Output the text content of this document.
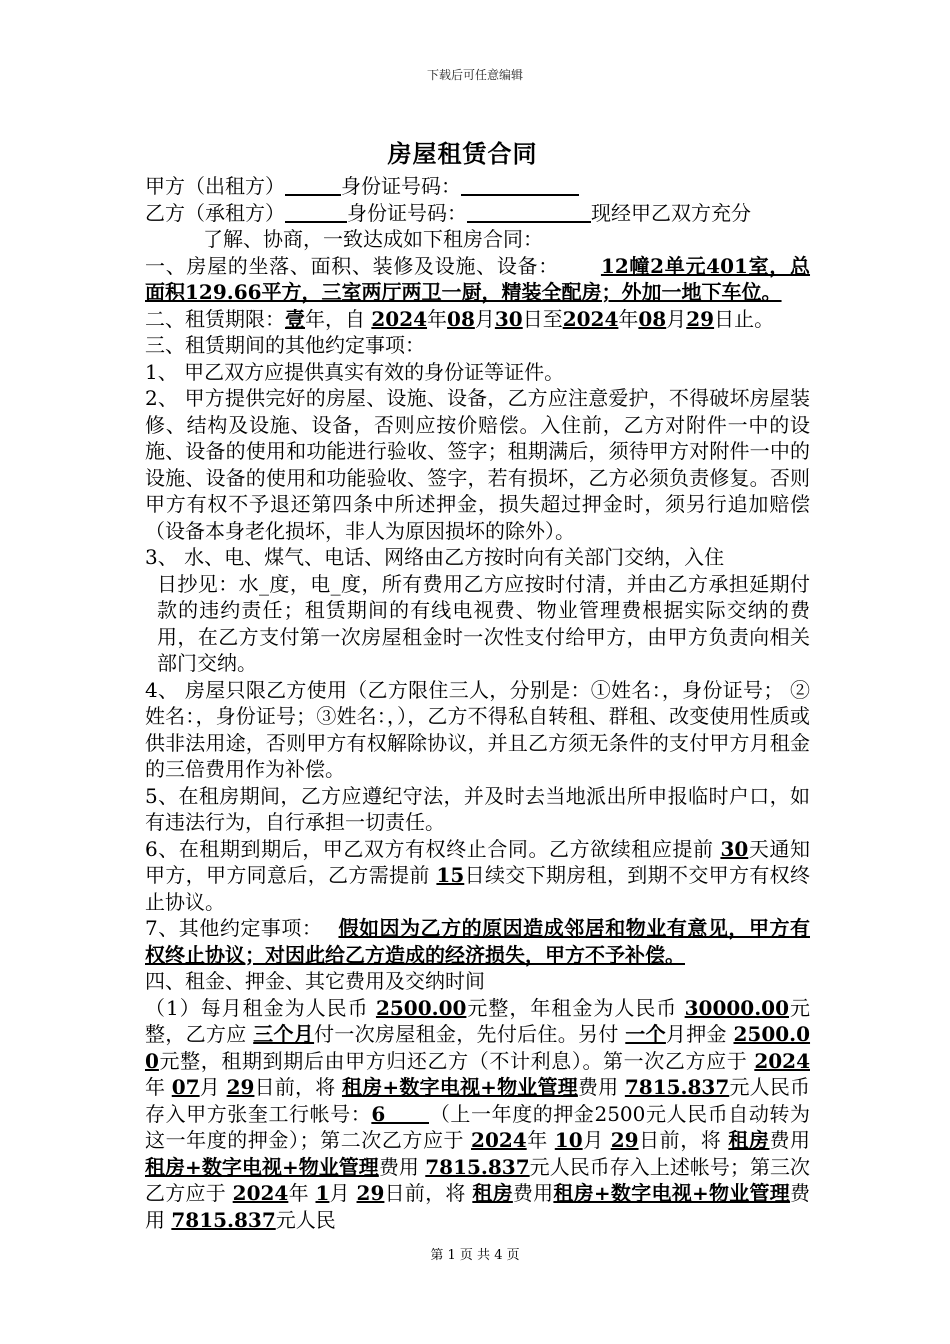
下载后可任意编辑
房屋租赁合同

甲方（出租方）	身份证号码：

乙方（承租方）	身份证号码：	现经甲乙双方充分

了解、协商，一致达成如下租房合同：

一、房屋的坐落、面积、装修及设施、设备： 12幢2单元401室，总面积129.66平方，三室两厅两卫一厨，精装全配房；外加一地下车位。

二、租赁期限：壹年，自 2024年08月30日至2024年08月29日止。

三、租赁期间的其他约定事项：

1、 甲乙双方应提供真实有效的身份证等证件。

2、 甲方提供完好的房屋、设施、设备，乙方应注意爱护，不得破坏房屋装修、结构及设施、设备，否则应按价赔偿。入住前，乙方对附件一中的设施、设备的使用和功能进行验收、签字；租期满后，须待甲方对附件一中的设施、设备的使用和功能验收、签字，若有损坏，乙方必须负责修复。否则甲方有权不予退还第四条中所述押金，损失超过押金时，须另行追加赔偿（设备本身老化损坏，非人为原因损坏的除外）。

3、 水、电、煤气、电话、网络由乙方按时向有关部门交纳，入住

日抄见：水_度，电_度，所有费用乙方应按时付清，并由乙方承担延期付款的违约责任；租赁期间的有线电视费、物业管理费根据实际交纳的费用，在乙方支付第一次房屋租金时一次性支付给甲方，由甲方负责向相关部门交纳。

4、 房屋只限乙方使用（乙方限住三人，分别是：①姓名：，身份证号； ②姓名：，身份证号；③姓名：，），乙方不得私自转租、群租、改变使用性质或供非法用途，否则甲方有权解除协议，并且乙方须无条件的支付甲方月租金的三倍费用作为补偿。

5、在租房期间，乙方应遵纪守法，并及时去当地派出所申报临时户口，如有违法行为，自行承担一切责任。

6、在租期到期后，甲乙双方有权终止合同。乙方欲续租应提前 30天通知甲方，甲方同意后，乙方需提前 15日续交下期房租，到期不交甲方有权终止协议。

7、其他约定事项： 假如因为乙方的原因造成邻居和物业有意见，甲方有权终止协议；对因此给乙方造成的经济损失，甲方不予补偿。

四、租金、押金、其它费用及交纳时间

（1）每月租金为人民币 2500.00元整，年租金为人民币 30000.00元整，乙方应 三个月付一次房屋租金，先付后住。另付 一个月押金 2500.00元整，租期到期后由甲方归还乙方（不计利息）。第一次乙方应于 2024年 07月 29日前，将 租房+数字电视+物业管理费用 7815.837元人民币存入甲方张奎工行帐号：6 （上一年度的押金2500元人民币自动转为这一年度的押金）；第二次乙方应于 2024年 10月 29日前，将 租房费用租房+数字电视+物业管理费用 7815.837元人民币存入上述帐号；第三次乙方应于 2024年 1月 29日前，将 租房费用租房+数字电视+物业管理费用 7815.837元人民

第 1 页 共 4 页
